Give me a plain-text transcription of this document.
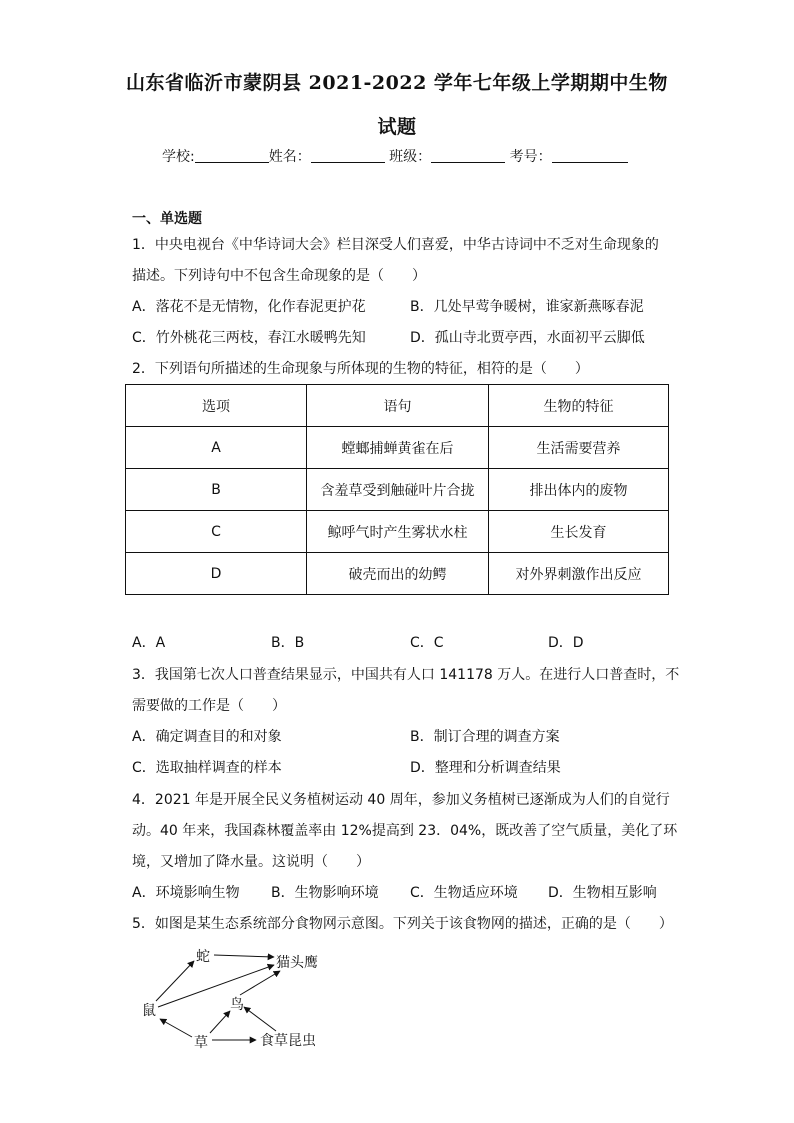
山东省临沂市蒙阴县 2021-2022 学年七年级上学期期中生物
试题
学校:	姓名：	班级：	考号：
一、单选题
1．中央电视台《中华诗词大会》栏目深受人们喜爱，中华古诗词中不乏对生命现象的
描述。下列诗句中不包含生命现象的是（　　）
A．落花不是无情物，化作春泥更护花	B．几处早莺争暖树，谁家新燕啄春泥
C．竹外桃花三两枝，春江水暖鸭先知	D．孤山寺北贾亭西，水面初平云脚低
2．下列语句所描述的生命现象与所体现的生物的特征，相符的是（　　）
选项	语句	生物的特征
A	螳螂捕蝉黄雀在后	生活需要营养
B	含羞草受到触碰叶片合拢	排出体内的废物
C	鲸呼气时产生雾状水柱	生长发育
D	破壳而出的幼鳄	对外界刺激作出反应
A．A	B．B	C．C	D．D
3．我国第七次人口普查结果显示，中国共有人口 141178 万人。在进行人口普查时，不
需要做的工作是（　　）
A．确定调查目的和对象	B．制订合理的调查方案
C．选取抽样调查的样本	D．整理和分析调查结果
4．2021 年是开展全民义务植树运动 40 周年，参加义务植树已逐渐成为人们的自觉行
动。40 年来，我国森林覆盖率由 12%提高到 23．04%，既改善了空气质量，美化了环
境，又增加了降水量。这说明（　　）
A．环境影响生物 B．生物影响环境 C．生物适应环境 D．生物相互影响
5．如图是某生态系统部分食物网示意图。下列关于该食物网的描述，正确的是（　　）
蛇	猫头鹰
鼠	鸟
草	食草昆虫
